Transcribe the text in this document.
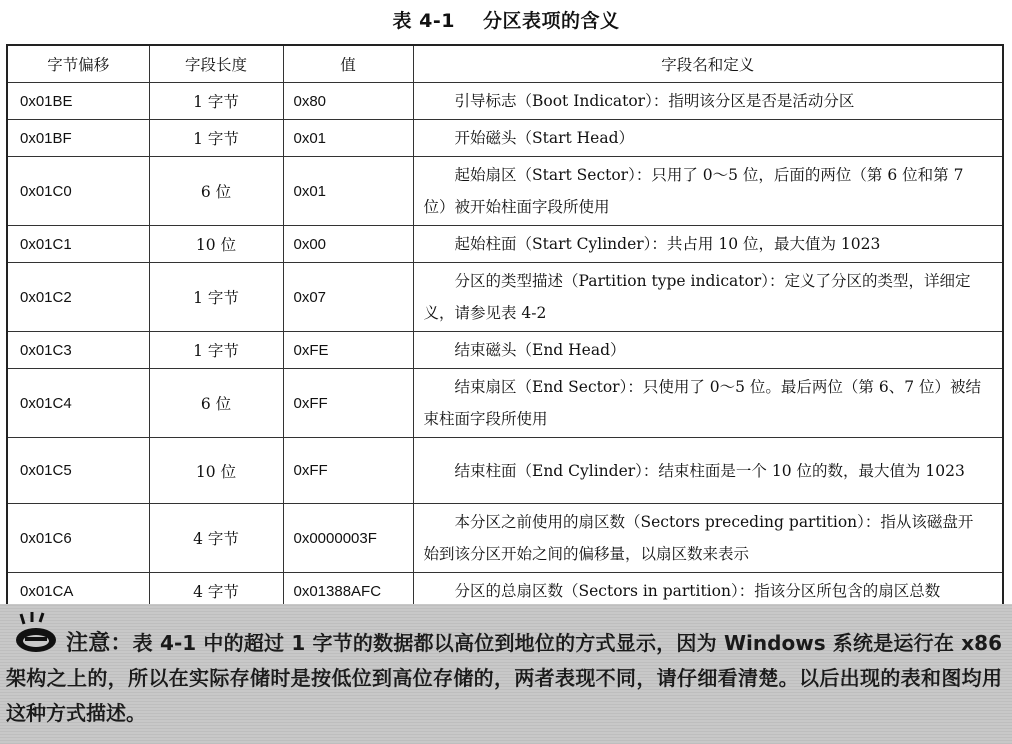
表 4-1 分区表项的含义
字节偏移	字段长度	值	字段名和定义
0x01BE	1 字节	0x80	引导标志（Boot Indicator）：指明该分区是否是活动分区

0x01BF	1 字节	0x01	开始磁头（Start Head）

0x01C0	6 位	0x01	起始扇区（Start Sector）：只用了 0～5 位，后面的两位（第 6 位和第 7 位）被开始柱面字段所使用

0x01C1	10 位	0x00	起始柱面（Start Cylinder）：共占用 10 位，最大值为 1023

0x01C2	1 字节	0x07	分区的类型描述（Partition type indicator）：定义了分区的类型，详细定义，请参见表 4-2

0x01C3	1 字节	0xFE	结束磁头（End Head）

0x01C4	6 位	0xFF	结束扇区（End Sector）：只使用了 0～5 位。最后两位（第 6、7 位）被结束柱面字段所使用

0x01C5	10 位	0xFF	结束柱面（End Cylinder）：结束柱面是一个 10 位的数，最大值为 1023

0x01C6	4 字节	0x0000003F	本分区之前使用的扇区数（Sectors preceding partition）：指从该磁盘开始到该分区开始之间的偏移量，以扇区数来表示

0x01CA	4 字节	0x01388AFC	分区的总扇区数（Sectors in partition）：指该分区所包含的扇区总数
注意：表 4-1 中的超过 1 字节的数据都以高位到地位的方式显示，因为 Windows 系统是运行在 x86 架构之上的，所以在实际存储时是按低位到高位存储的，两者表现不同，请仔细看清楚。以后出现的表和图均用这种方式描述。
